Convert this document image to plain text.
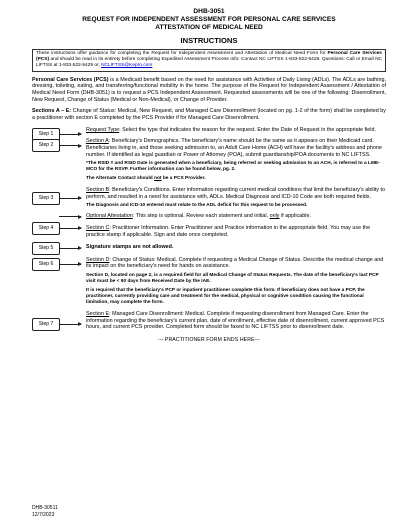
DHB-3051
REQUEST FOR INDEPENDENT ASSESSMENT FOR PERSONAL CARE SERVICES
ATTESTATION OF MEDICAL NEED
INSTRUCTIONS
These instructions offer guidance for completing the Request for Independent Assessment and Attestation of Medical Need Form for Personal Care Services (PCS) and should be read in its entirety before completing Expedited Assessment Process Info: Contact NC LIFTSS 1-833-522-5429. Questions: Call or Email NC LIFTSS at 1-833-522-5429 or, NCLIFTSS@Kepro.com
Personal Care Services (PCS) is a Medicaid benefit based on the need for assistance with Activities of Daily Living (ADLs). The ADLs are bathing, dressing, toileting, eating, and transferring/functional mobility in the home. The purpose of the Request for Independent Assessment / Attestation of Medical Need Form (DHB-3051) is to request a PCS Independent Assessment. Requested assessments will be one of the following: Disenrollment, New Request, Change of Status (Medical or Non-Medical), or Change of Provider.
Sections A – E: Change of Status: Medical, New Request, and Managed Care Disenrollment (located on pg. 1-2 of the form) shall be completed by a practitioner with section E completed by the PCS Provider if for Managed Care Disenrollment.
Step 1
Request Type: Select the type that indicates the reason for the request. Enter the Date of Request in the appropriate field.
Step 2
Section A: Beneficiary's Demographics. The beneficiary's name should be the same as it appears on their Medicaid card. Beneficiaries living in, and those seeking admission to, an Adult Care Home (ACH) will have the facility's address and phone number. If identified as legal guardian or Power of Attorney (POA), submit guardianship/POA documents to NC LIFTSS.
*The RSID # and RSID Date is generated when a beneficiary, being referred or seeking admission to an ACH, is referred to a LME-MCO for the RSVP. Further information can be found below, pg. 2.
The Alternate Contact should not be a PCS Provider.
Step 3
Section B: Beneficiary's Conditions. Enter information regarding current medical conditions that limit the beneficiary's ability to perform, and resulted in a need for assistance with, ADLs. Medical Diagnosis and ICD-10 Code are both required fields.
The Diagnosis and ICD-10 entered must relate to the ADL deficit for this request to be processed.
Optional Attestation: This step is optional. Review each statement and initial, only if applicable.
Step 4	Section C: Practitioner Information. Enter Practitioner and Practice information in the appropriate field. You may use the practice stamp if applicable. Sign and date once completed.
Step 5	Signature stamps are not allowed.
Step 6
Section D: Change of Status: Medical. Complete if requesting a Medical Change of Status. Describe the medical change and its impact on the beneficiary's need for hands on assistance.
Section D, located on page 2, is a required field for all Medical Change of Status Requests. The date of the beneficiary's last PCP visit must be < 90 days from Received Date by the IAE.
It is required that the beneficiary's PCP or inpatient practitioner complete this form. If beneficiary does not have a PCP, the practitioner, currently providing care and treatment for the medical, physical or cognitive condition causing the functional limitation, may complete the form.
Step 7
Section E: Managed Care Disenrollment: Medical. Complete if requesting disenrollment from Managed Care. Enter the information regarding the beneficiary's current plan, date of enrollment, effective date of disenrollment, current approved PCS hours, and current PCS provider. Completed form should be faxed to NC LIFTSS prior to disenrollment date.
--- PRACTITIONER FORM ENDS HERE---
DHB-30511
12/7/2023
